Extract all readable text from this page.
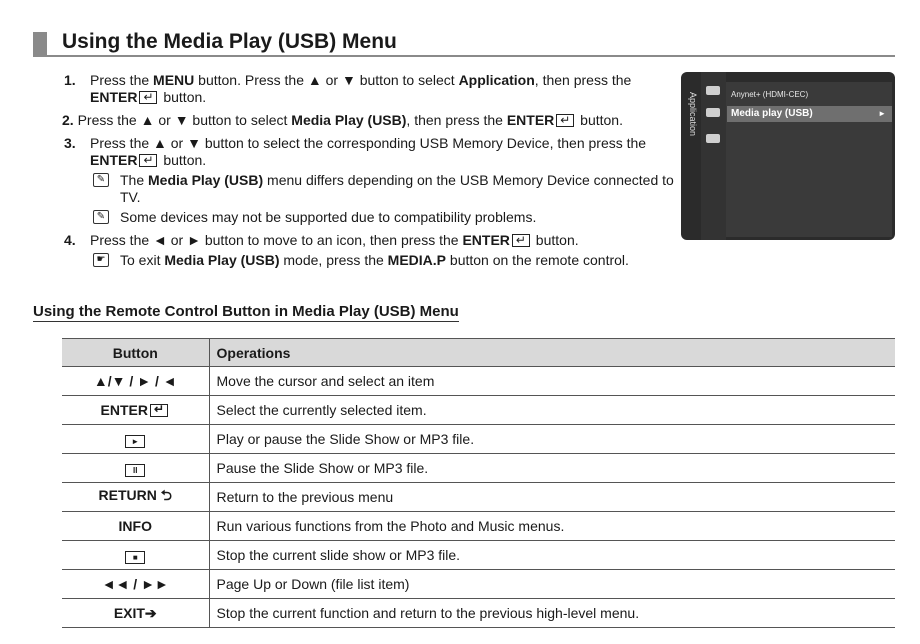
Using the Media Play (USB) Menu
1. Press the MENU button. Press the ▲ or ▼ button to select Application, then press the
ENTER↵ button.
2. Press the ▲ or ▼ button to select Media Play (USB), then press the ENTER↵ button.
3. Press the ▲ or ▼ button to select the corresponding USB Memory Device, then press the ENTER↵ button.
✎ The Media Play (USB) menu differs depending on the USB Memory Device connected to TV.
✎ Some devices may not be supported due to compatibility problems.
4. Press the ◄ or ► button to move to an icon, then press the ENTER↵ button.
☛ To exit Media Play (USB) mode, press the MEDIA.P button on the remote control.
Application	Anynet+ (HDMI-CEC)
Media play (USB)	►
Using the Remote Control Button in Media Play (USB) Menu
Button	Operations
▲/▼ / ► / ◄	Move the cursor and select an item
ENTER↵	Select the currently selected item.
►	Play or pause the Slide Show or MP3 file.
II	Pause the Slide Show or MP3 file.
RETURN ⮌	Return to the previous menu
INFO	Run various functions from the Photo and Music menus.
■	Stop the current slide show or MP3 file.
◄◄ / ►►	Page Up or Down (file list item)
EXIT➔	Stop the current function and return to the previous high-level menu.
